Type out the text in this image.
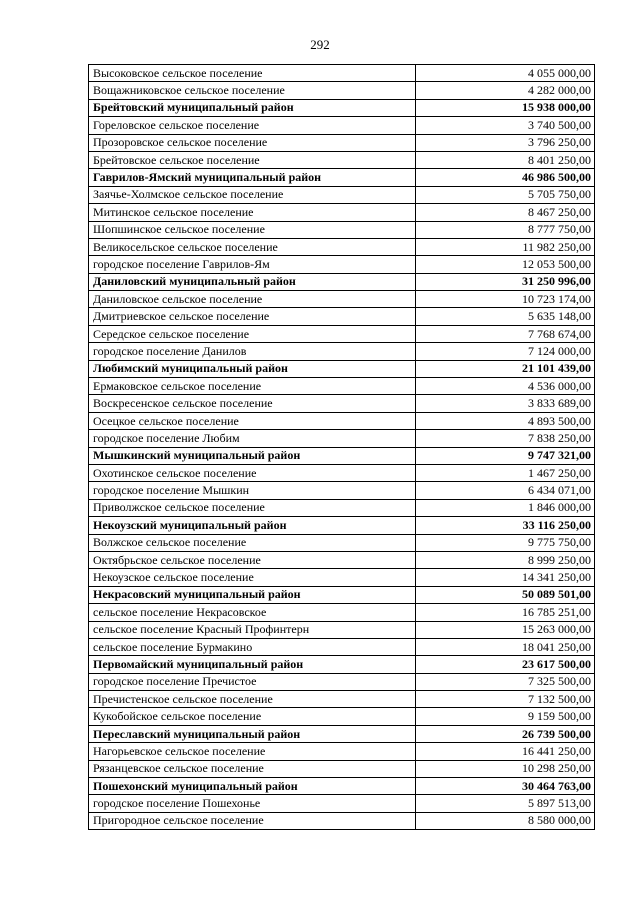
292
Высоковское сельское поселение	4 055 000,00
Вощажниковское сельское поселение	4 282 000,00
Брейтовский муниципальный район	15 938 000,00
Гореловское сельское поселение	3 740 500,00
Прозоровское сельское поселение	3 796 250,00
Брейтовское сельское поселение	8 401 250,00
Гаврилов-Ямский муниципальный район	46 986 500,00
Заячье-Холмское сельское поселение	5 705 750,00
Митинское сельское поселение	8 467 250,00
Шопшинское сельское поселение	8 777 750,00
Великосельское сельское поселение	11 982 250,00
городское поселение Гаврилов-Ям	12 053 500,00
Даниловский муниципальный район	31 250 996,00
Даниловское сельское поселение	10 723 174,00
Дмитриевское сельское поселение	5 635 148,00
Середское сельское поселение	7 768 674,00
городское поселение Данилов	7 124 000,00
Любимский муниципальный район	21 101 439,00
Ермаковское сельское поселение	4 536 000,00
Воскресенское сельское поселение	3 833 689,00
Осецкое сельское поселение	4 893 500,00
городское поселение Любим	7 838 250,00
Мышкинский муниципальный район	9 747 321,00
Охотинское сельское поселение	1 467 250,00
городское поселение Мышкин	6 434 071,00
Приволжское сельское поселение	1 846 000,00
Некоузский муниципальный район	33 116 250,00
Волжское сельское поселение	9 775 750,00
Октябрьское сельское поселение	8 999 250,00
Некоузское сельское поселение	14 341 250,00
Некрасовский муниципальный район	50 089 501,00
сельское поселение Некрасовское	16 785 251,00
сельское поселение Красный Профинтерн	15 263 000,00
сельское поселение Бурмакино	18 041 250,00
Первомайский муниципальный район	23 617 500,00
городское поселение Пречистое	7 325 500,00
Пречистенское сельское поселение	7 132 500,00
Кукобойское сельское поселение	9 159 500,00
Переславский муниципальный район	26 739 500,00
Нагорьевское сельское поселение	16 441 250,00
Рязанцевское сельское поселение	10 298 250,00
Пошехонский муниципальный район	30 464 763,00
городское поселение Пошехонье	5 897 513,00
Пригородное сельское поселение	8 580 000,00
